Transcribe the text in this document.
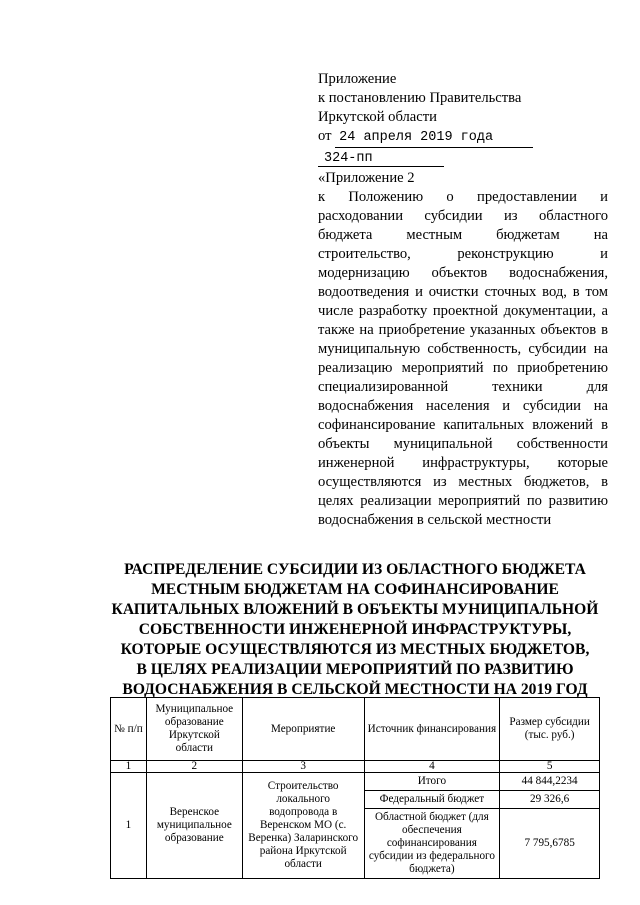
Приложение
к постановлению Правительства
Иркутской области
от 24 апреля 2019 года
324-пп
«Приложение 2
к Положению о предоставлении и расходовании субсидии из областного бюджета местным бюджетам на строительство, реконструкцию и модернизацию объектов водоснабжения, водоотведения и очистки сточных вод, в том числе разработку проектной документации, а также на приобретение указанных объектов в муниципальную собственность, субсидии на реализацию мероприятий по приобретению специализированной техники для водоснабжения населения и субсидии на софинансирование капитальных вложений в объекты муниципальной собственности инженерной инфраструктуры, которые осуществляются из местных бюджетов, в целях реализации мероприятий по развитию водоснабжения в сельской местности
РАСПРЕДЕЛЕНИЕ СУБСИДИИ ИЗ ОБЛАСТНОГО БЮДЖЕТА
МЕСТНЫМ БЮДЖЕТАМ НА СОФИНАНСИРОВАНИЕ
КАПИТАЛЬНЫХ ВЛОЖЕНИЙ В ОБЪЕКТЫ МУНИЦИПАЛЬНОЙ
СОБСТВЕННОСТИ ИНЖЕНЕРНОЙ ИНФРАСТРУКТУРЫ,
КОТОРЫЕ ОСУЩЕСТВЛЯЮТСЯ ИЗ МЕСТНЫХ БЮДЖЕТОВ,
В ЦЕЛЯХ РЕАЛИЗАЦИИ МЕРОПРИЯТИЙ ПО РАЗВИТИЮ
ВОДОСНАБЖЕНИЯ В СЕЛЬСКОЙ МЕСТНОСТИ НА 2019 ГОД
№ п/п	Муниципальное образование Иркутской области	Мероприятие	Источник финансирования	Размер субсидии (тыс. руб.)
1	2	3	4	5
1	Веренское муниципальное образование	Строительство локального водопровода в Веренском МО (с. Веренка) Заларинского района Иркутской области	Итого	44 844,2234
			Федеральный бюджет	29 326,6
			Областной бюджет (для обеспечения софинансирования субсидии из федерального бюджета)	7 795,6785
